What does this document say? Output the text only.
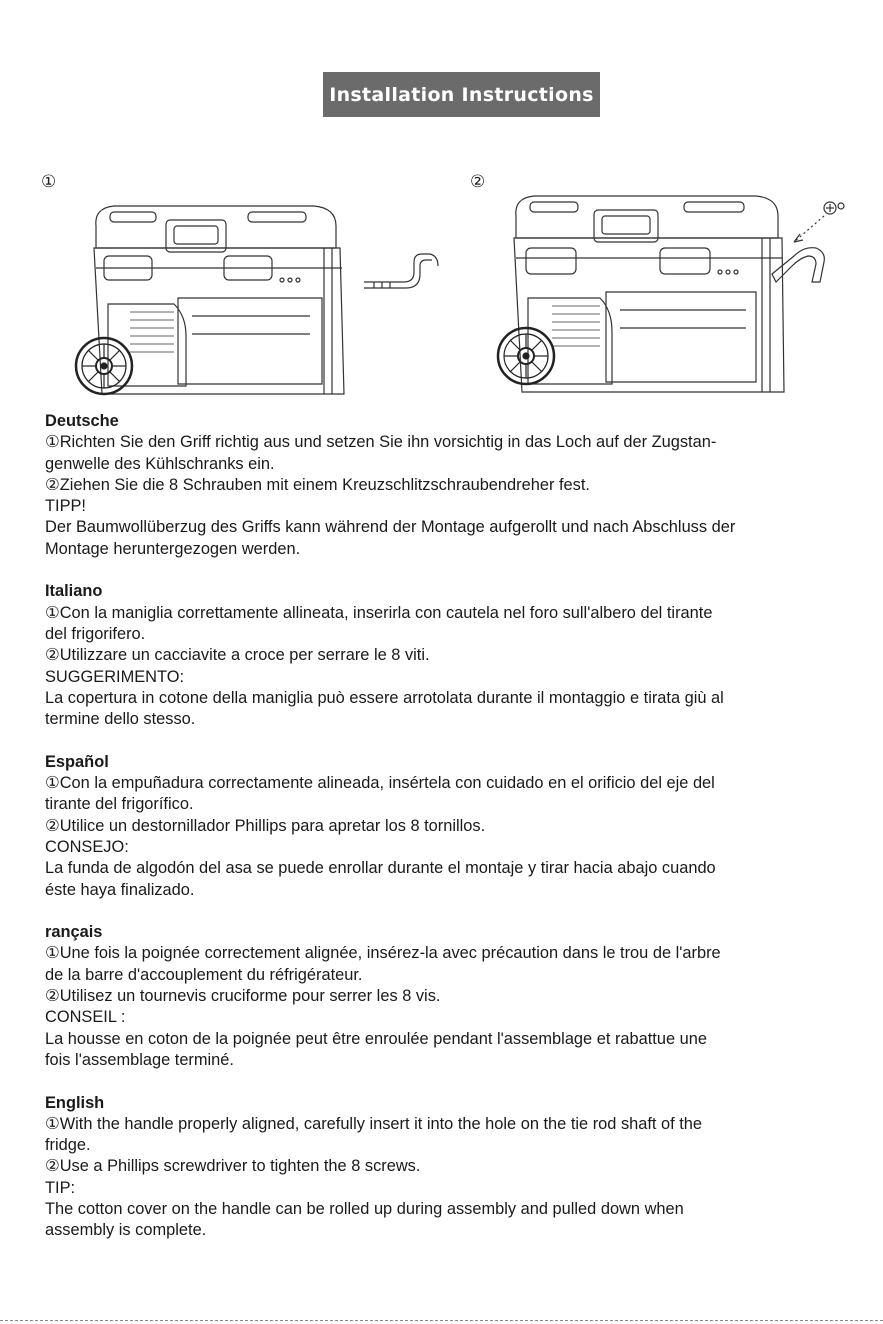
Installation Instructions
①	②
Deutsche
①Richten Sie den Griff richtig aus und setzen Sie ihn vorsichtig in das Loch auf der Zugstan-
genwelle des Kühlschranks ein.
②Ziehen Sie die 8 Schrauben mit einem Kreuzschlitzschraubendreher fest.
TIPP!
Der Baumwollüberzug des Griffs kann während der Montage aufgerollt und nach Abschluss der
Montage heruntergezogen werden.
Italiano
①Con la maniglia correttamente allineata, inserirla con cautela nel foro sull'albero del tirante
del frigorifero.
②Utilizzare un cacciavite a croce per serrare le 8 viti.
SUGGERIMENTO:
La copertura in cotone della maniglia può essere arrotolata durante il montaggio e tirata giù al
termine dello stesso.
Español
①Con la empuñadura correctamente alineada, insértela con cuidado en el orificio del eje del
tirante del frigorífico.
②Utilice un destornillador Phillips para apretar los 8 tornillos.
CONSEJO:
La funda de algodón del asa se puede enrollar durante el montaje y tirar hacia abajo cuando
éste haya finalizado.
rançais
①Une fois la poignée correctement alignée, insérez-la avec précaution dans le trou de l'arbre
de la barre d'accouplement du réfrigérateur.
②Utilisez un tournevis cruciforme pour serrer les 8 vis.
CONSEIL :
La housse en coton de la poignée peut être enroulée pendant l'assemblage et rabattue une
fois l'assemblage terminé.
English
①With the handle properly aligned, carefully insert it into the hole on the tie rod shaft of the
fridge.
②Use a Phillips screwdriver to tighten the 8 screws.
TIP:
The cotton cover on the handle can be rolled up during assembly and pulled down when
assembly is complete.
